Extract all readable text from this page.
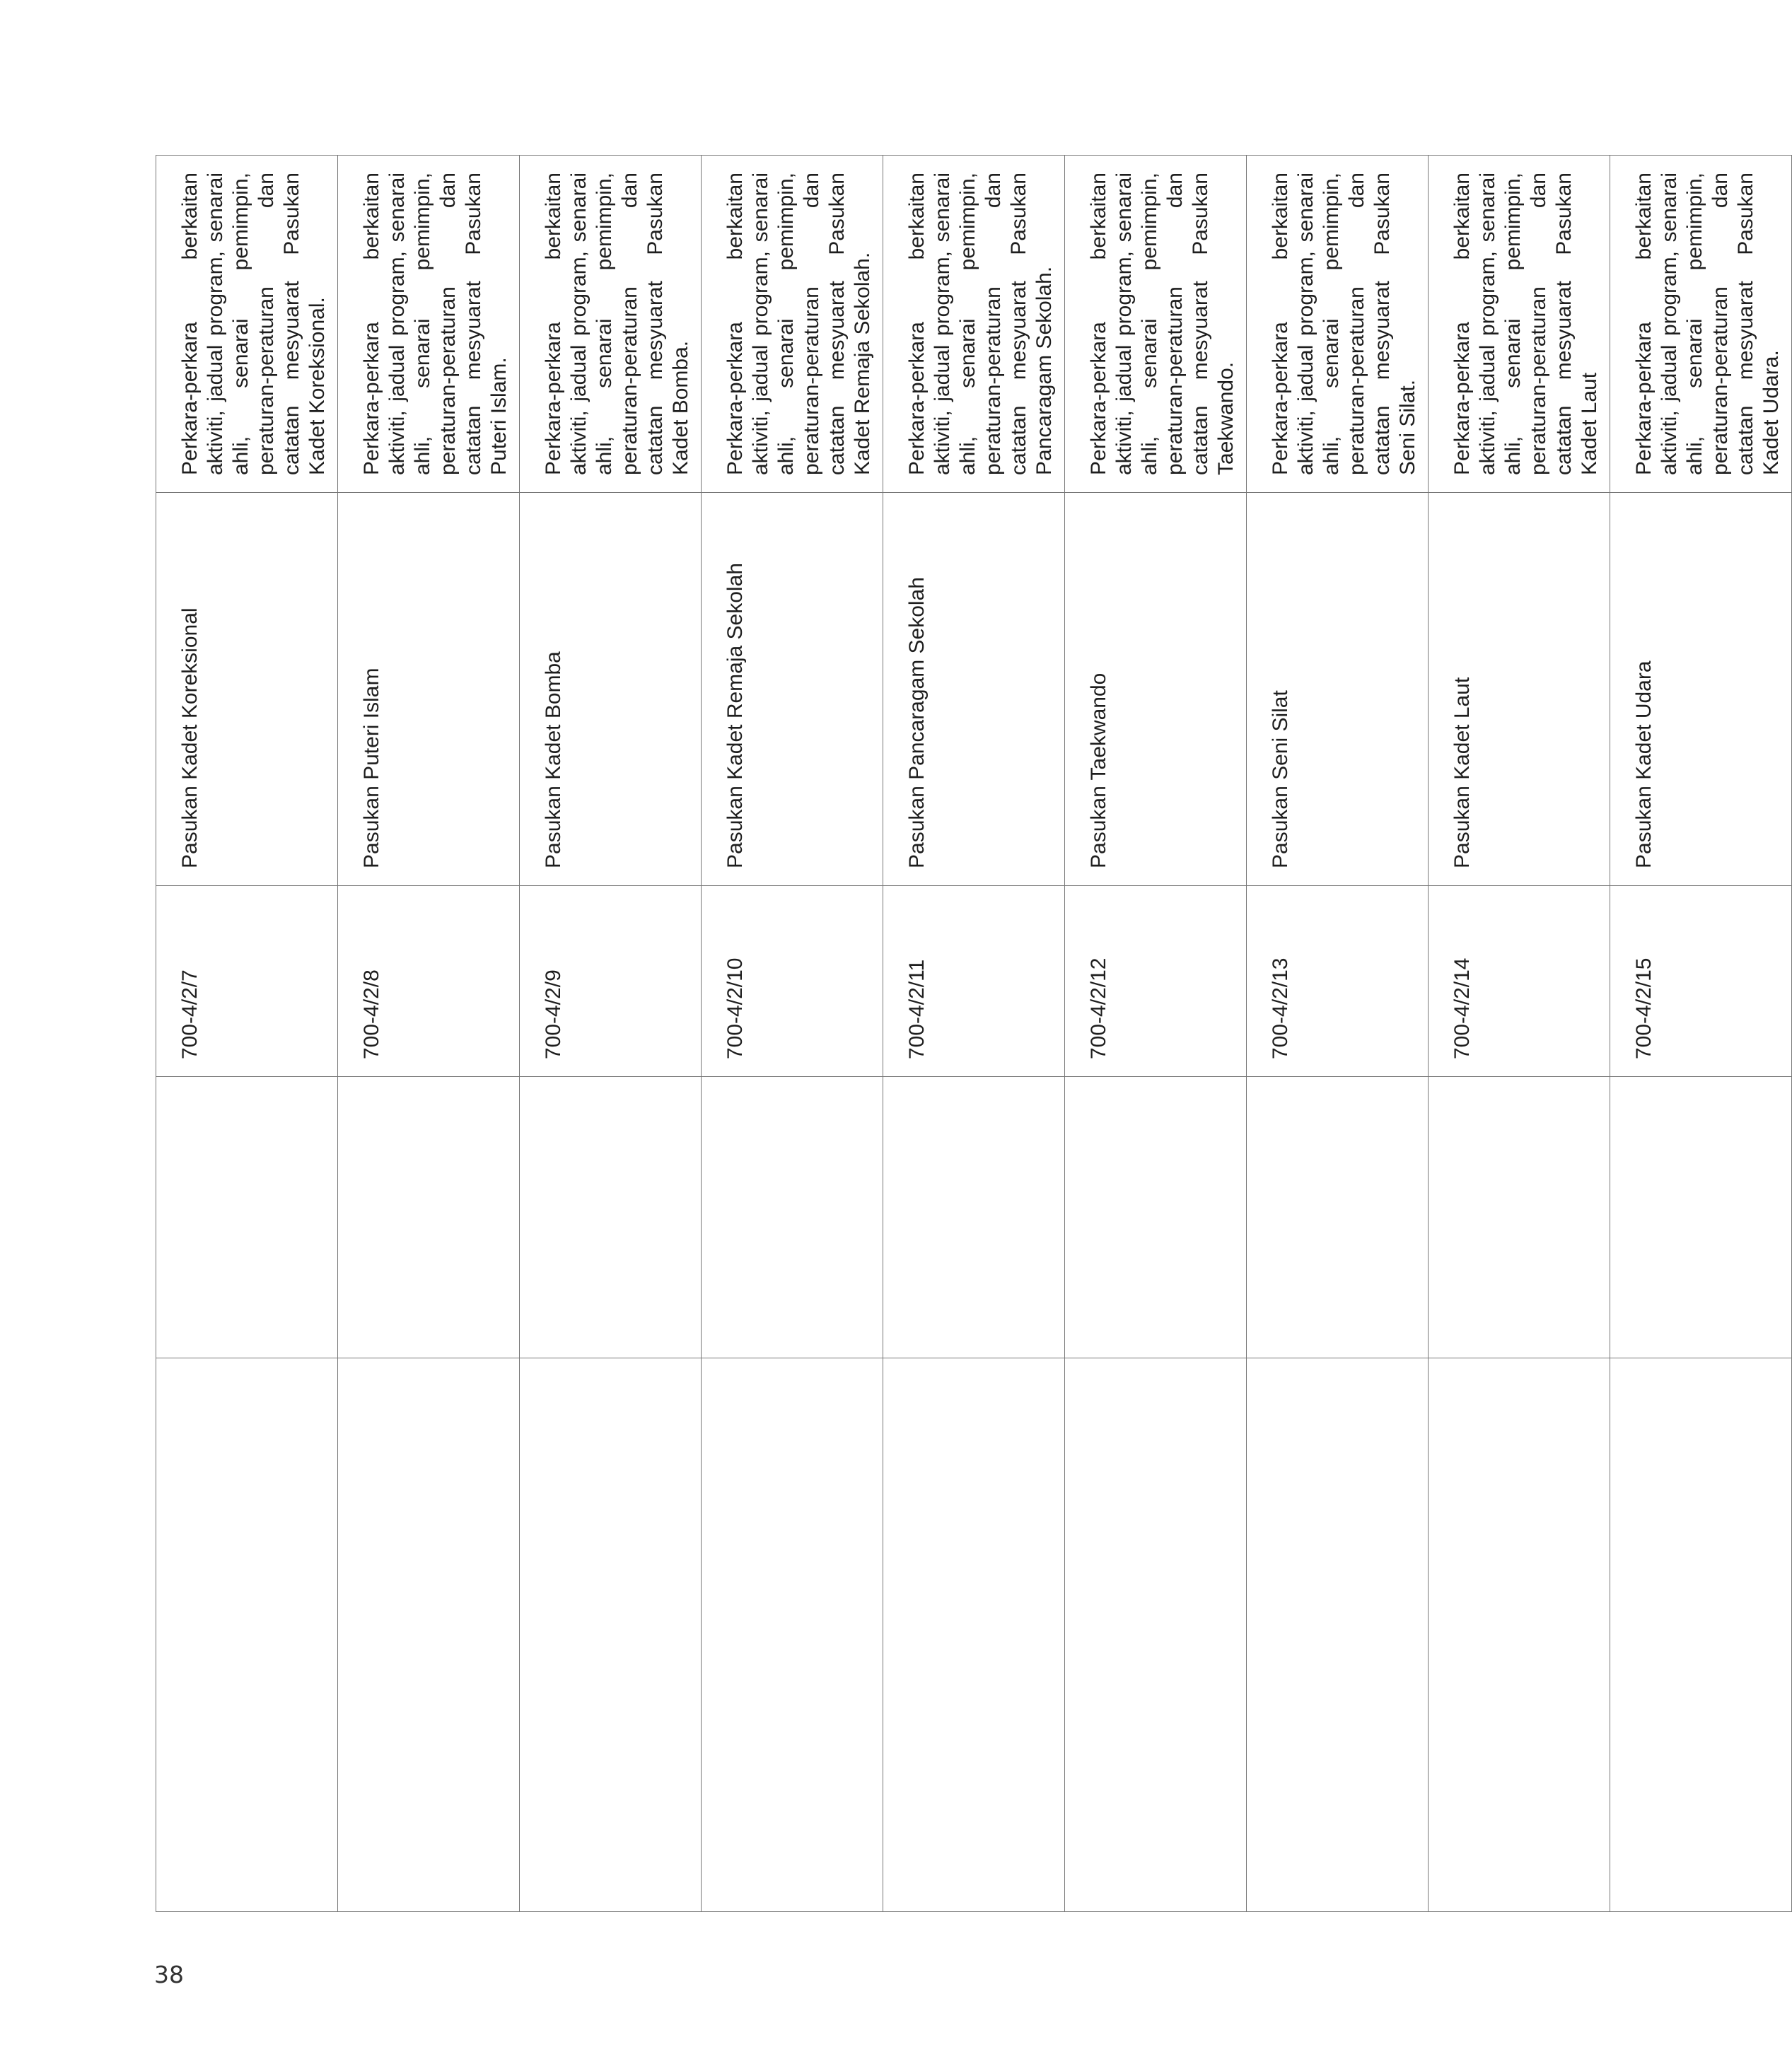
		700-4/2/7	Pasukan Kadet Koreksional	Perkara-perkara berkaitan aktiviti, jadual program, senarai ahli, senarai pemimpin, peraturan-peraturan dan catatan mesyuarat Pasukan Kadet Koreksional.
		700-4/2/8	Pasukan Puteri Islam	Perkara-perkara berkaitan aktiviti, jadual program, senarai ahli, senarai pemimpin, peraturan-peraturan dan catatan mesyuarat Pasukan Puteri Islam.
		700-4/2/9	Pasukan Kadet Bomba	Perkara-perkara berkaitan aktiviti, jadual program, senarai ahli, senarai pemimpin, peraturan-peraturan dan catatan mesyuarat Pasukan Kadet Bomba.
		700-4/2/10	Pasukan Kadet Remaja Sekolah	Perkara-perkara berkaitan aktiviti, jadual program, senarai ahli, senarai pemimpin, peraturan-peraturan dan catatan mesyuarat Pasukan Kadet Remaja Sekolah.
		700-4/2/11	Pasukan Pancaragam Sekolah	Perkara-perkara berkaitan aktiviti, jadual program, senarai ahli, senarai pemimpin, peraturan-peraturan dan catatan mesyuarat Pasukan Pancaragam Sekolah.
		700-4/2/12	Pasukan Taekwando	Perkara-perkara berkaitan aktiviti, jadual program, senarai ahli, senarai pemimpin, peraturan-peraturan dan catatan mesyuarat Pasukan Taekwando.
		700-4/2/13	Pasukan Seni Silat	Perkara-perkara berkaitan aktiviti, jadual program, senarai ahli, senarai pemimpin, peraturan-peraturan dan catatan mesyuarat Pasukan Seni Silat.
		700-4/2/14	Pasukan Kadet Laut	Perkara-perkara berkaitan aktiviti, jadual program, senarai ahli, senarai pemimpin, peraturan-peraturan dan catatan mesyuarat Pasukan Kadet Laut
		700-4/2/15	Pasukan Kadet Udara	Perkara-perkara berkaitan aktiviti, jadual program, senarai ahli, senarai pemimpin, peraturan-peraturan dan catatan mesyuarat Pasukan Kadet Udara.
38
